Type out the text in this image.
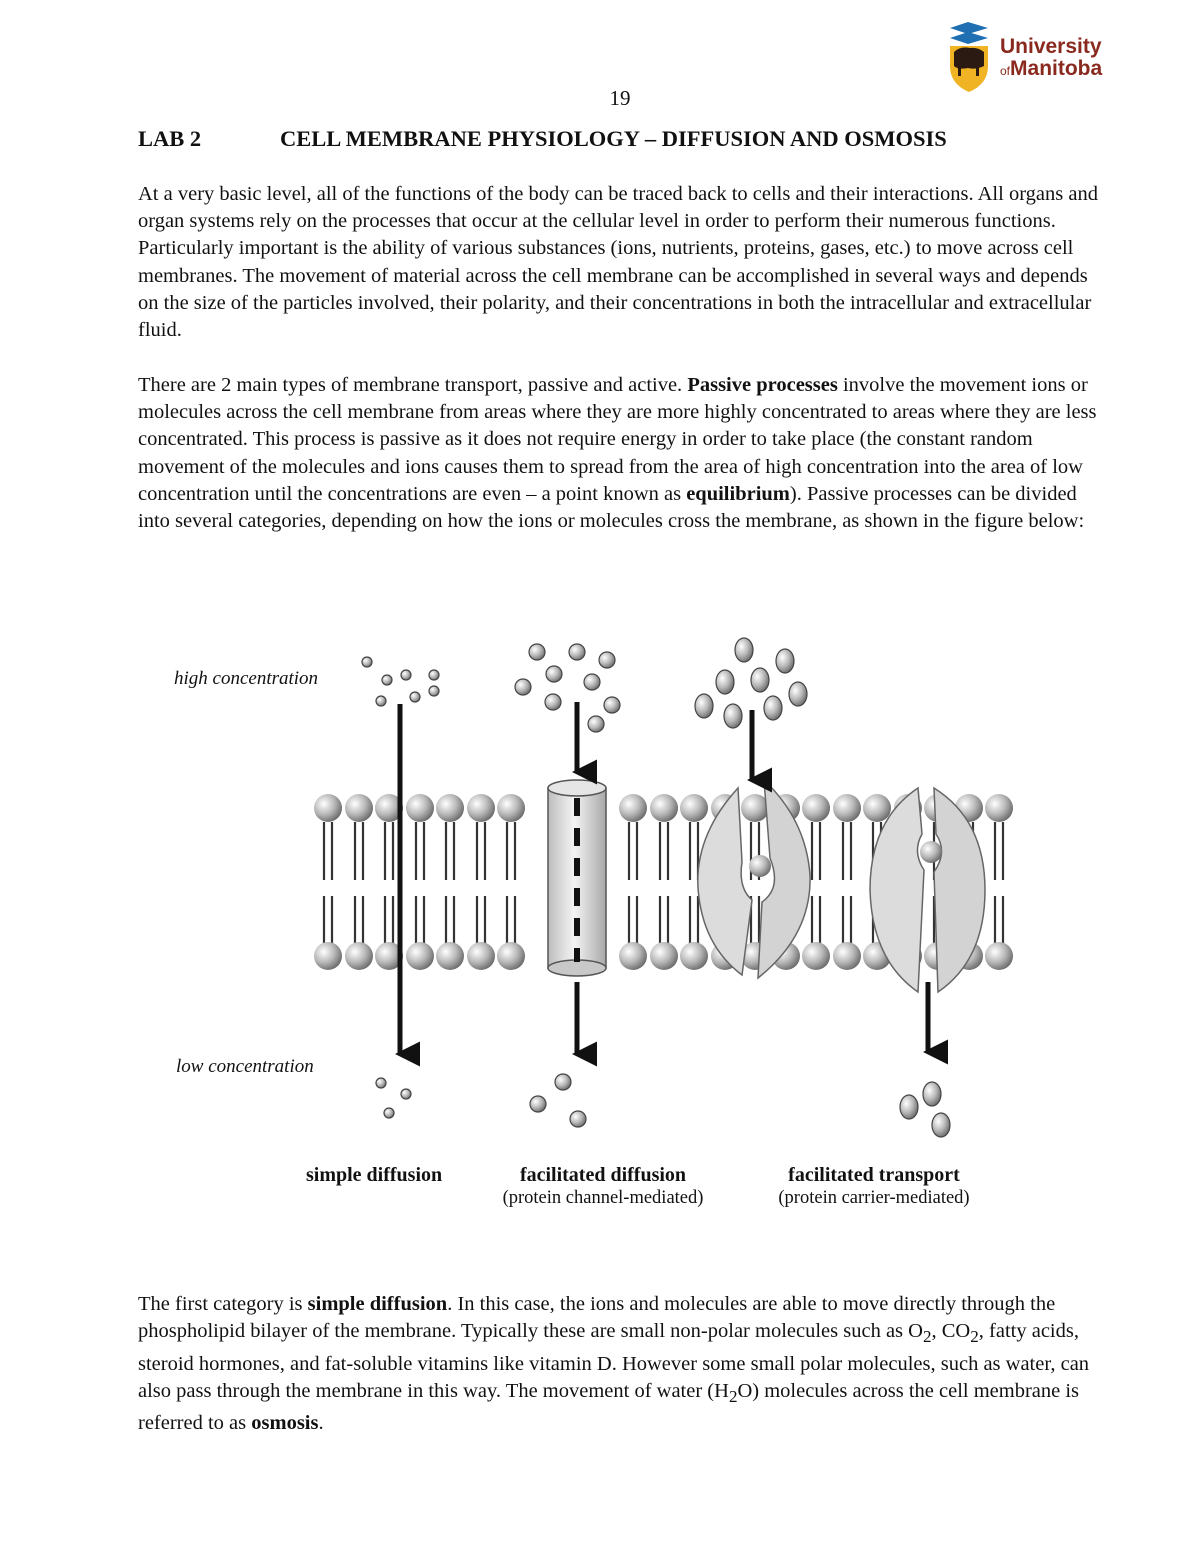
University
ofManitoba
19
LAB 2	CELL MEMBRANE PHYSIOLOGY – DIFFUSION AND OSMOSIS

At a very basic level, all of the functions of the body can be traced back to cells and their interactions. All organs and organ systems rely on the processes that occur at the cellular level in order to perform their numerous functions. Particularly important is the ability of various substances (ions, nutrients, proteins, gases, etc.) to move across cell membranes. The movement of material across the cell membrane can be accomplished in several ways and depends on the size of the particles involved, their polarity, and their concentrations in both the intracellular and extracellular fluid.

There are 2 main types of membrane transport, passive and active. Passive processes involve the movement ions or molecules across the cell membrane from areas where they are more highly concentrated to areas where they are less concentrated. This process is passive as it does not require energy in order to take place (the constant random movement of the molecules and ions causes them to spread from the area of high concentration into the area of low concentration until the concentrations are even – a point known as equilibrium). Passive processes can be divided into several categories, depending on how the ions or molecules cross the membrane, as shown in the figure below:

high concentration
low concentration
simple diffusion	facilitated diffusion
(protein channel-mediated)
facilitated transport
(protein carrier-mediated)

The first category is simple diffusion. In this case, the ions and molecules are able to move directly through the phospholipid bilayer of the membrane. Typically these are small non-polar molecules such as $O_2$, $CO_2$, fatty acids, steroid hormones, and fat-soluble vitamins like vitamin D. However some small polar molecules, such as water, can also pass through the membrane in this way. The movement of water $(H_2O)$ molecules across the cell membrane is referred to as osmosis.
